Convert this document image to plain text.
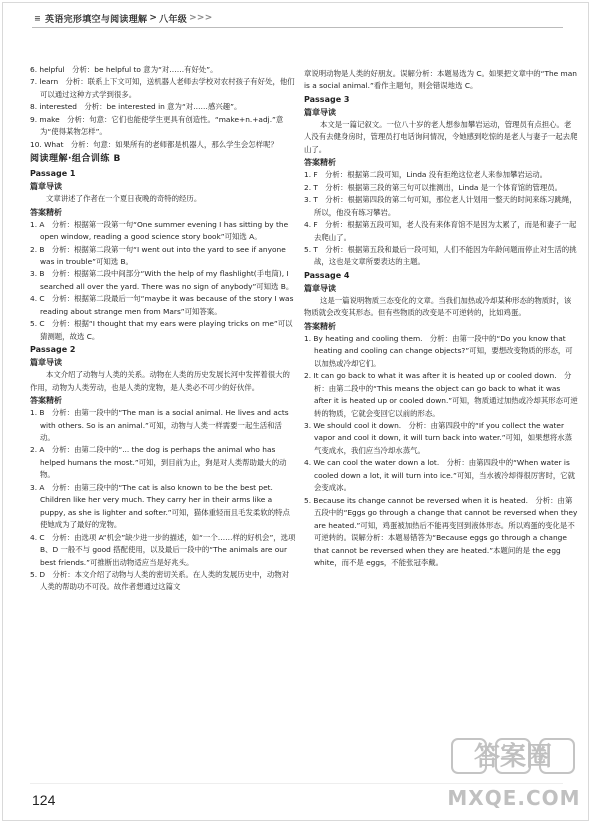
≡ 英语完形填空与阅读理解 > 八年级 >>>

6. helpful　分析：be helpful to 意为“对……有好处”。

7. learn　分析：联系上下文可知，送机器人老师去学校对农村孩子有好处，他们可以通过这种方式学到很多。

8. interested　分析：be interested in 意为“对……感兴趣”。

9. make　分析：句意：它们也能使学生更具有创造性。“make+n.+adj.”意为“使得某物怎样”。

10. What　分析：句意：如果所有的老师都是机器人，那么学生会怎样呢？

阅读理解·组合训练 B

Passage 1

篇章导读

文章讲述了作者在一个夏日夜晚的奇特的经历。

答案精析

1. A　分析：根据第一段第一句“One summer evening I has sitting by the open window, reading a good science story book”可知选 A。

2. B　分析：根据第二段第一句“I went out into the yard to see if anyone was in trouble”可知选 B。

3. B　分析：根据第二段中间部分“With the help of my flashlight(手电筒), I searched all over the yard. There was no sign of anybody”可知选 B。

4. C　分析：根据第二段最后一句“maybe it was because of the story I was reading about strange men from Mars”可知答案。

5. C　分析：根据“I thought that my ears were playing tricks on me”可以猜测题，故选 C。

Passage 2

篇章导读

本文介绍了动物与人类的关系。动物在人类的历史发展长河中发挥着很大的作用，动物为人类劳动，也是人类的宠物，是人类必不可少的好伙伴。

答案精析

1. B　分析：由第一段中的“The man is a social animal. He lives and acts with others. So is an animal.”可知，动物与人类一样需要一起生活和活动。

2. A　分析：由第二段中的“... the dog is perhaps the animal who has helped humans the most.”可知，到目前为止，狗是对人类帮助最大的动物。

3. A　分析：由第三段中的“The cat is also known to be the best pet. Children like her very much. They carry her in their arms like a puppy, as she is lighter and softer.”可知，猫体重轻而且毛发柔软的特点使她成为了最好的宠物。

4. C　分析：由选项 A“机会”缺少进一步的描述，如“一个……样的好机会”，选项 B、D 一般不与 good 搭配使用，以及最后一段中的“The animals are our best friends.”可推断出动物适应当是好兆头。

5. D　分析：本文介绍了动物与人类的密切关系。在人类的发展历史中，动物对人类的帮助功不可没。故作者想通过这篇文

章说明动物是人类的好朋友。误解分析：本题易选为 C。如果把文章中的“The man is a social animal.”看作主题句，则会错误地选 C。

Passage 3

篇章导读

本文是一篇记叙文。一位八十岁的老人想参加攀岩运动，管理员有点担心。老人没有去健身房时，管理员打电话询问情况，令她感到吃惊的是老人与妻子一起去爬山了。

答案精析

1. F　分析：根据第二段可知，Linda 没有拒绝这位老人来参加攀岩运动。

2. T　分析：根据第三段的第三句可以推测出，Linda 是一个体育馆的管理员。

3. T　分析：根据第四段的第二句可知，那位老人计划用一整天的时间来练习跳绳，所以，他没有练习攀岩。

4. F　分析：根据第五段可知，老人没有来体育馆不是因为太累了，而是和妻子一起去爬山了。

5. T　分析：根据第五段和最后一段可知，人们不能因为年龄问题而停止对生活的挑战，这也是文章所要表达的主题。

Passage 4

篇章导读

这是一篇说明物质三态变化的文章。当我们加热或冷却某种形态的物质时，该物质就会改变其形态。但有些物质的改变是不可逆转的，比如鸡蛋。

答案精析

1. By heating and cooling them.　分析：由第一段中的“Do you know that heating and cooling can change objects?”可知，要想改变物质的形态，可以加热或冷却它们。

2. It can go back to what it was after it is heated up or cooled down.　分析：由第二段中的“This means the object can go back to what it was after it is heated up or cooled down.”可知，物质通过加热或冷却其形态可逆转的物质，它就会变回它以前的形态。

3. We should cool it down.　分析：由第四段中的“If you collect the water vapor and cool it down, it will turn back into water.”可知，如果想将水蒸气变成水，我们应当冷却水蒸气。

4. We can cool the water down a lot.　分析：由第四段中的“When water is cooled down a lot, it will turn into ice.”可知，当水被冷却得很厉害时，它就会变成冰。

5. Because its change cannot be reversed when it is heated.　分析：由第五段中的“Eggs go through a change that cannot be reversed when they are heated.”可知，鸡蛋被加热后不能再变回到液体形态。所以鸡蛋的变化是不可逆转的。误解分析：本题易错答为“Because eggs go through a change that cannot be reversed when they are heated.”本题问的是 the egg white，而不是 eggs，不能张冠李戴。

124
答案圈
MXQE.COM
